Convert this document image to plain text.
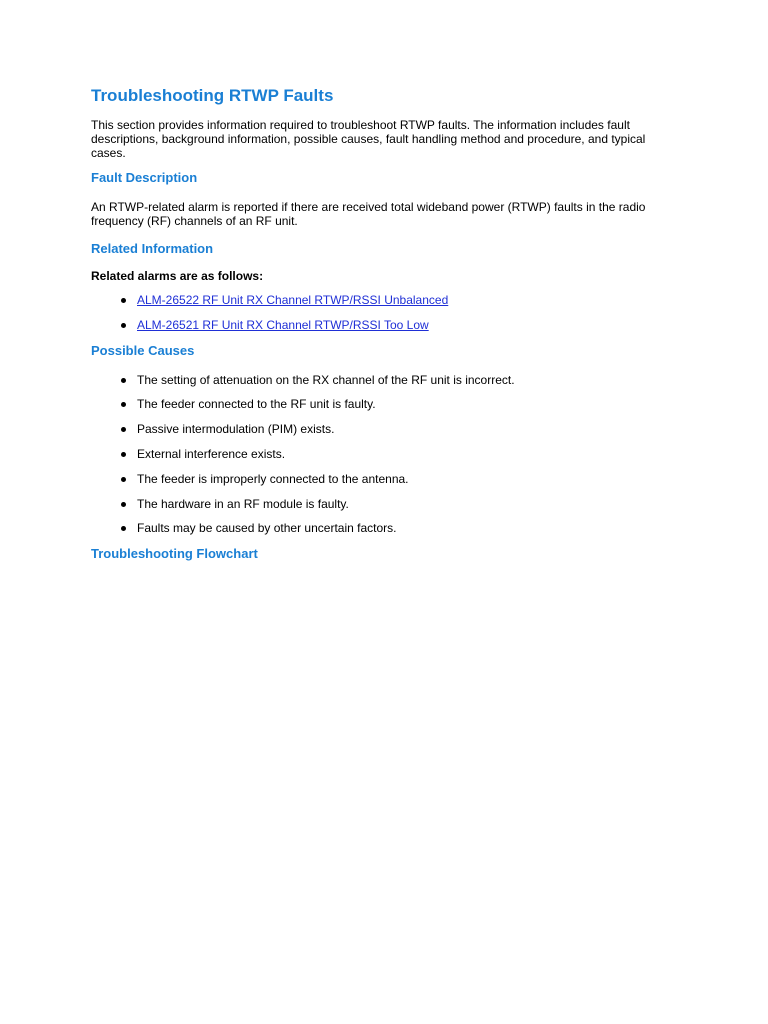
Troubleshooting RTWP Faults

This section provides information required to troubleshoot RTWP faults. The information includes fault descriptions, background information, possible causes, fault handling method and procedure, and typical cases.

Fault Description

An RTWP-related alarm is reported if there are received total wideband power (RTWP) faults in the radio frequency (RF) channels of an RF unit.

Related Information

Related alarms are as follows:

ALM-26522 RF Unit RX Channel RTWP/RSSI Unbalanced
ALM-26521 RF Unit RX Channel RTWP/RSSI Too Low
Possible Causes
The setting of attenuation on the RX channel of the RF unit is incorrect.
The feeder connected to the RF unit is faulty.
Passive intermodulation (PIM) exists.
External interference exists.
The feeder is improperly connected to the antenna.
The hardware in an RF module is faulty.
Faults may be caused by other uncertain factors.
Troubleshooting Flowchart
